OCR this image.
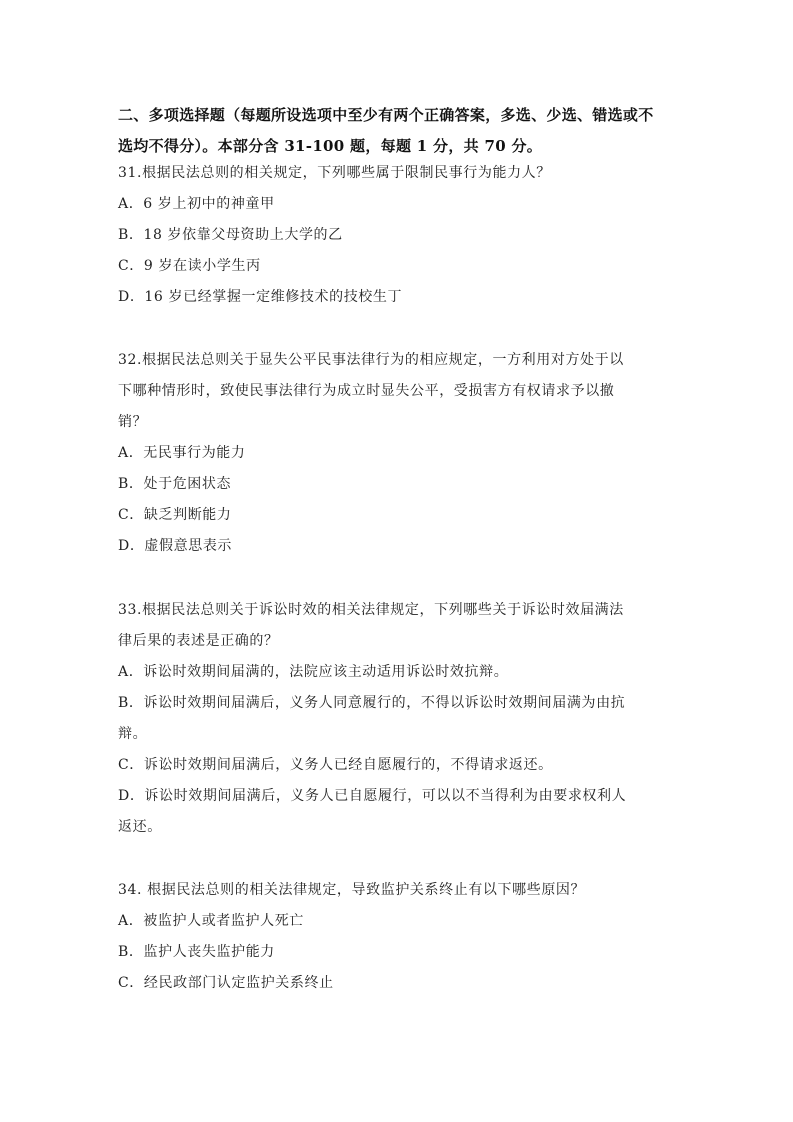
二、多项选择题（每题所设选项中至少有两个正确答案，多选、少选、错选或不
选均不得分）。本部分含 31-100 题，每题 1 分，共 70 分。
31.根据民法总则的相关规定，下列哪些属于限制民事行为能力人？
A．6 岁上初中的神童甲
B．18 岁依靠父母资助上大学的乙
C．9 岁在读小学生丙
D．16 岁已经掌握一定维修技术的技校生丁
32.根据民法总则关于显失公平民事法律行为的相应规定，一方利用对方处于以
下哪种情形时，致使民事法律行为成立时显失公平，受损害方有权请求予以撤
销？
A．无民事行为能力
B．处于危困状态
C．缺乏判断能力
D．虚假意思表示
33.根据民法总则关于诉讼时效的相关法律规定，下列哪些关于诉讼时效届满法
律后果的表述是正确的？
A．诉讼时效期间届满的，法院应该主动适用诉讼时效抗辩。
B．诉讼时效期间届满后，义务人同意履行的，不得以诉讼时效期间届满为由抗
辩。
C．诉讼时效期间届满后，义务人已经自愿履行的，不得请求返还。
D．诉讼时效期间届满后，义务人已自愿履行，可以以不当得利为由要求权利人
返还。
34. 根据民法总则的相关法律规定，导致监护关系终止有以下哪些原因？
A．被监护人或者监护人死亡
B．监护人丧失监护能力
C．经民政部门认定监护关系终止
